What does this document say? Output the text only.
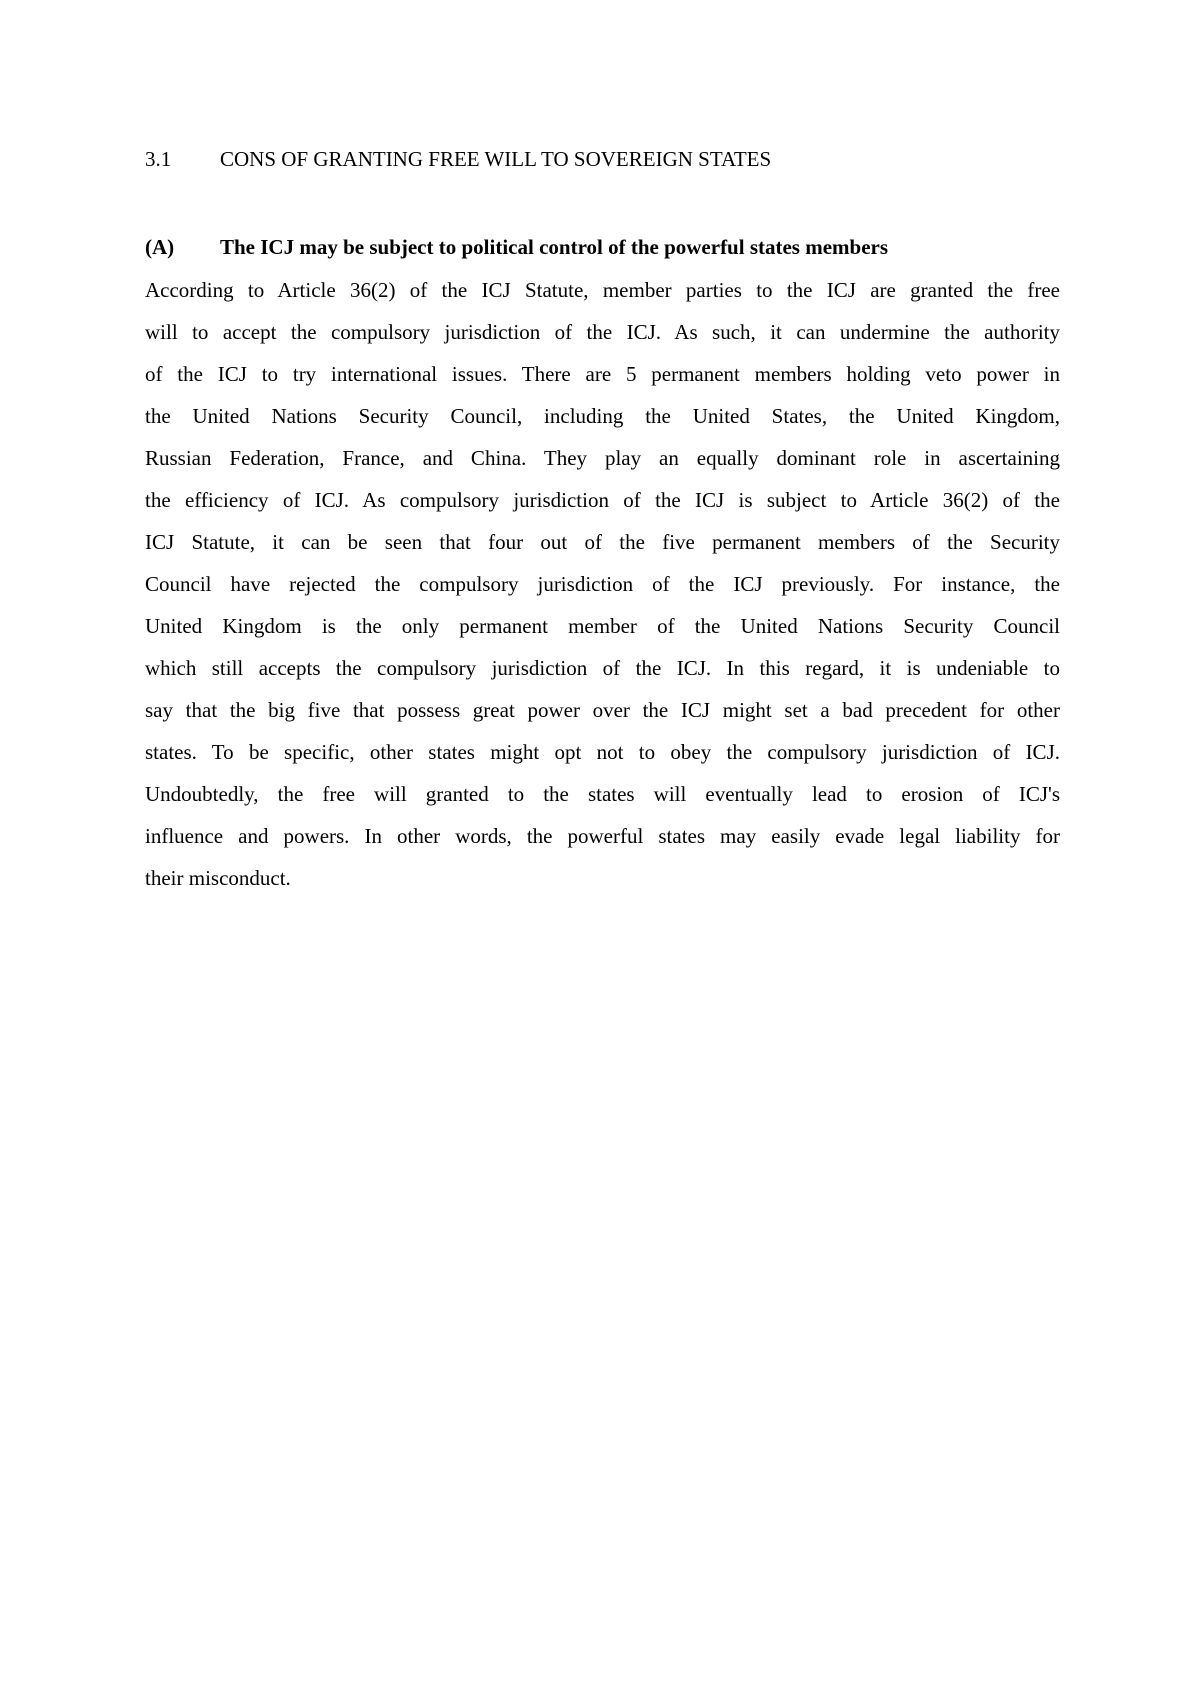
3.1 CONS OF GRANTING FREE WILL TO SOVEREIGN STATES
(A) The ICJ may be subject to political control of the powerful states members
According to Article 36(2) of the ICJ Statute, member parties to the ICJ are granted the free
will to accept the compulsory jurisdiction of the ICJ. As such, it can undermine the authority
of the ICJ to try international issues. There are 5 permanent members holding veto power in
the United Nations Security Council, including the United States, the United Kingdom,
Russian Federation, France, and China. They play an equally dominant role in ascertaining
the efficiency of ICJ. As compulsory jurisdiction of the ICJ is subject to Article 36(2) of the
ICJ Statute, it can be seen that four out of the five permanent members of the Security
Council have rejected the compulsory jurisdiction of the ICJ previously. For instance, the
United Kingdom is the only permanent member of the United Nations Security Council
which still accepts the compulsory jurisdiction of the ICJ. In this regard, it is undeniable to
say that the big five that possess great power over the ICJ might set a bad precedent for other
states. To be specific, other states might opt not to obey the compulsory jurisdiction of ICJ.
Undoubtedly, the free will granted to the states will eventually lead to erosion of ICJ's
influence and powers. In other words, the powerful states may easily evade legal liability for
their misconduct.
